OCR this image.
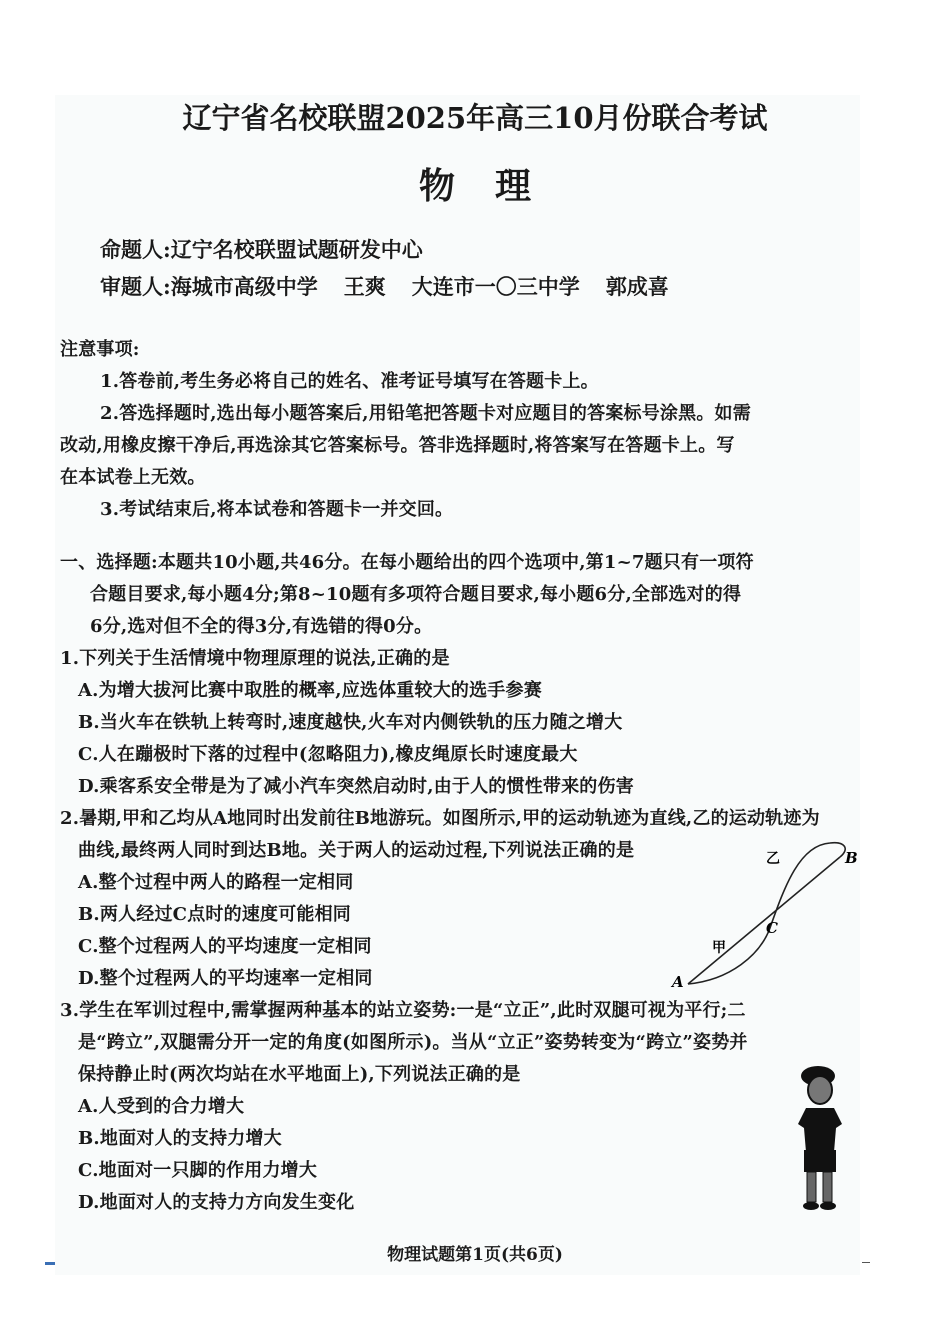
辽宁省名校联盟2025年高三10月份联合考试
物理
命题人:辽宁名校联盟试题研发中心
审题人:海城市高级中学 王爽 大连市一〇三中学 郭成喜
注意事项:
1.答卷前,考生务必将自己的姓名、准考证号填写在答题卡上。
2.答选择题时,选出每小题答案后,用铅笔把答题卡对应题目的答案标号涂黑。如需
改动,用橡皮擦干净后,再选涂其它答案标号。答非选择题时,将答案写在答题卡上。写
在本试卷上无效。
3.考试结束后,将本试卷和答题卡一并交回。
一、选择题:本题共10小题,共46分。在每小题给出的四个选项中,第1~7题只有一项符
合题目要求,每小题4分;第8~10题有多项符合题目要求,每小题6分,全部选对的得
6分,选对但不全的得3分,有选错的得0分。
1.下列关于生活情境中物理原理的说法,正确的是
A.为增大拔河比赛中取胜的概率,应选体重较大的选手参赛
B.当火车在铁轨上转弯时,速度越快,火车对内侧铁轨的压力随之增大
C.人在蹦极时下落的过程中(忽略阻力),橡皮绳原长时速度最大
D.乘客系安全带是为了减小汽车突然启动时,由于人的惯性带来的伤害
2.暑期,甲和乙均从A地同时出发前往B地游玩。如图所示,甲的运动轨迹为直线,乙的运动轨迹为
曲线,最终两人同时到达B地。关于两人的运动过程,下列说法正确的是
A.整个过程中两人的路程一定相同
B.两人经过C点时的速度可能相同
C.整个过程两人的平均速度一定相同
D.整个过程两人的平均速率一定相同	A
B
C
甲
乙
3.学生在军训过程中,需掌握两种基本的站立姿势:一是“立正”,此时双腿可视为平行;二
是“跨立”,双腿需分开一定的角度(如图所示)。当从“立正”姿势转变为“跨立”姿势并
保持静止时(两次均站在水平地面上),下列说法正确的是
A.人受到的合力增大
B.地面对人的支持力增大
C.地面对一只脚的作用力增大
D.地面对人的支持力方向发生变化
物理试题第1页(共6页)
